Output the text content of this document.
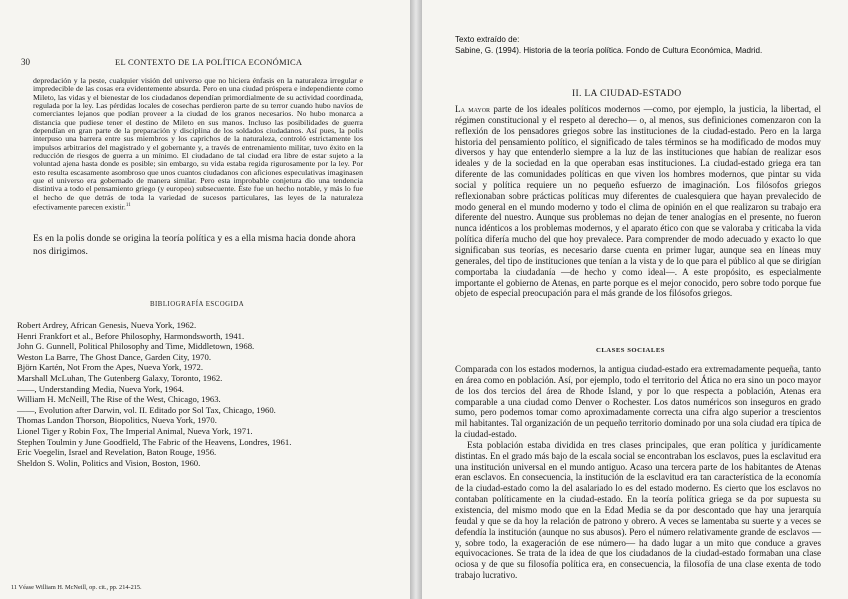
30	EL CONTEXTO DE LA POLÍTICA ECONÓMICA
depredación y la peste, cualquier visión del universo que no hiciera énfasis en la naturaleza irregular e impredecible de las cosas era evidentemente absurda. Pero en una ciudad próspera e independiente como Mileto, las vidas y el bienestar de los ciudadanos dependían primordialmente de su actividad coordinada, regulada por la ley. Las pérdidas locales de cosechas perdieron parte de su terror cuando hubo navíos de comerciantes lejanos que podían proveer a la ciudad de los granos necesarios. No hubo monarca a distancia que pudiese tener el destino de Mileto en sus manos. Incluso las posibilidades de guerra dependían en gran parte de la preparación y disciplina de los soldados ciudadanos. Así pues, la polis interpuso una barrera entre sus miembros y los caprichos de la naturaleza, controló estrictamente los impulsos arbitrarios del magistrado y el gobernante y, a través de entrenamiento militar, tuvo éxito en la reducción de riesgos de guerra a un mínimo. El ciudadano de tal ciudad era libre de estar sujeto a la voluntad ajena hasta donde es posible; sin embargo, su vida estaba regida rigurosamente por la ley. Por esto resulta escasamente asombroso que unos cuantos ciudadanos con aficiones especulativas imaginasen que el universo era gobernado de manera similar. Pero esta improbable conjetura dio una tendencia distintiva a todo el pensamiento griego (y europeo) subsecuente. Éste fue un hecho notable, y más lo fue el hecho de que detrás de toda la variedad de sucesos particulares, las leyes de la naturaleza efectivamente parecen existir.$^{11}$
Es en la polis donde se origina la teoría política y es a ella misma hacia donde ahora nos dirigimos.
BIBLIOGRAFÍA ESCOGIDA
Robert Ardrey, African Genesis, Nueva York, 1962.
Henri Frankfort et al., Before Philosophy, Harmondsworth, 1941.
John G. Gunnell, Political Philosophy and Time, Middletown, 1968.
Weston La Barre, The Ghost Dance, Garden City, 1970.
Björn Kartén, Not From the Apes, Nueva York, 1972.
Marshall McLuhan, The Gutenberg Galaxy, Toronto, 1962.
——, Understanding Media, Nueva York, 1964.
William H. McNeill, The Rise of the West, Chicago, 1963.
——, Evolution after Darwin, vol. II. Editado por Sol Tax, Chicago, 1960.
Thomas Landon Thorson, Biopolitics, Nueva York, 1970.
Lionel Tiger y Robin Fox, The Imperial Animal, Nueva York, 1971.
Stephen Toulmin y June Goodfield, The Fabric of the Heavens, Londres, 1961.
Eric Voegelin, Israel and Revelation, Baton Rouge, 1956.
Sheldon S. Wolin, Politics and Vision, Boston, 1960.
11 Véase William H. McNeill, op. cit., pp. 214-215.
Texto extraído de:
Sabine, G. (1994). Historia de la teoría política. Fondo de Cultura Económica, Madrid.
II. LA CIUDAD-ESTADO

La mayor parte de los ideales políticos modernos —como, por ejemplo, la justicia, la libertad, el régimen constitucional y el respeto al derecho— o, al menos, sus definiciones comenzaron con la reflexión de los pensadores griegos sobre las instituciones de la ciudad-estado. Pero en la larga historia del pensamiento político, el significado de tales términos se ha modificado de modos muy diversos y hay que entenderlo siempre a la luz de las instituciones que habían de realizar esos ideales y de la sociedad en la que operaban esas instituciones. La ciudad-estado griega era tan diferente de las comunidades políticas en que viven los hombres modernos, que pintar su vida social y política requiere un no pequeño esfuerzo de imaginación. Los filósofos griegos reflexionaban sobre prácticas políticas muy diferentes de cualesquiera que hayan prevalecido de modo general en el mundo moderno y todo el clima de opinión en el que realizaron su trabajo era diferente del nuestro. Aunque sus problemas no dejan de tener analogías en el presente, no fueron nunca idénticos a los problemas modernos, y el aparato ético con que se valoraba y criticaba la vida política difería mucho del que hoy prevalece. Para comprender de modo adecuado y exacto lo que significaban sus teorías, es necesario darse cuenta en primer lugar, aunque sea en líneas muy generales, del tipo de instituciones que tenían a la vista y de lo que para el público al que se dirigían comportaba la ciudadanía —de hecho y como ideal—. A este propósito, es especialmente importante el gobierno de Atenas, en parte porque es el mejor conocido, pero sobre todo porque fue objeto de especial preocupación para el más grande de los filósofos griegos.

CLASES SOCIALES

Comparada con los estados modernos, la antigua ciudad-estado era extremadamente pequeña, tanto en área como en población. Así, por ejemplo, todo el territorio del Ática no era sino un poco mayor de los dos tercios del área de Rhode Island, y por lo que respecta a población, Atenas era comparable a una ciudad como Denver o Rochester. Los datos numéricos son inseguros en grado sumo, pero podemos tomar como aproximadamente correcta una cifra algo superior a trescientos mil habitantes. Tal organización de un pequeño territorio dominado por una sola ciudad era típica de la ciudad-estado.

Esta población estaba dividida en tres clases principales, que eran política y jurídicamente distintas. En el grado más bajo de la escala social se encontraban los esclavos, pues la esclavitud era una institución universal en el mundo antiguo. Acaso una tercera parte de los habitantes de Atenas eran esclavos. En consecuencia, la institución de la esclavitud era tan característica de la economía de la ciudad-estado como la del asalariado lo es del estado moderno. Es cierto que los esclavos no contaban políticamente en la ciudad-estado. En la teoría política griega se da por supuesta su existencia, del mismo modo que en la Edad Media se da por descontado que hay una jerarquía feudal y que se da hoy la relación de patrono y obrero. A veces se lamentaba su suerte y a veces se defendía la institución (aunque no sus abusos). Pero el número relativamente grande de esclavos —y, sobre todo, la exageración de ese número— ha dado lugar a un mito que conduce a graves equivocaciones. Se trata de la idea de que los ciudadanos de la ciudad-estado formaban una clase ociosa y de que su filosofía política era, en consecuencia, la filosofía de una clase exenta de todo trabajo lucrativo.
